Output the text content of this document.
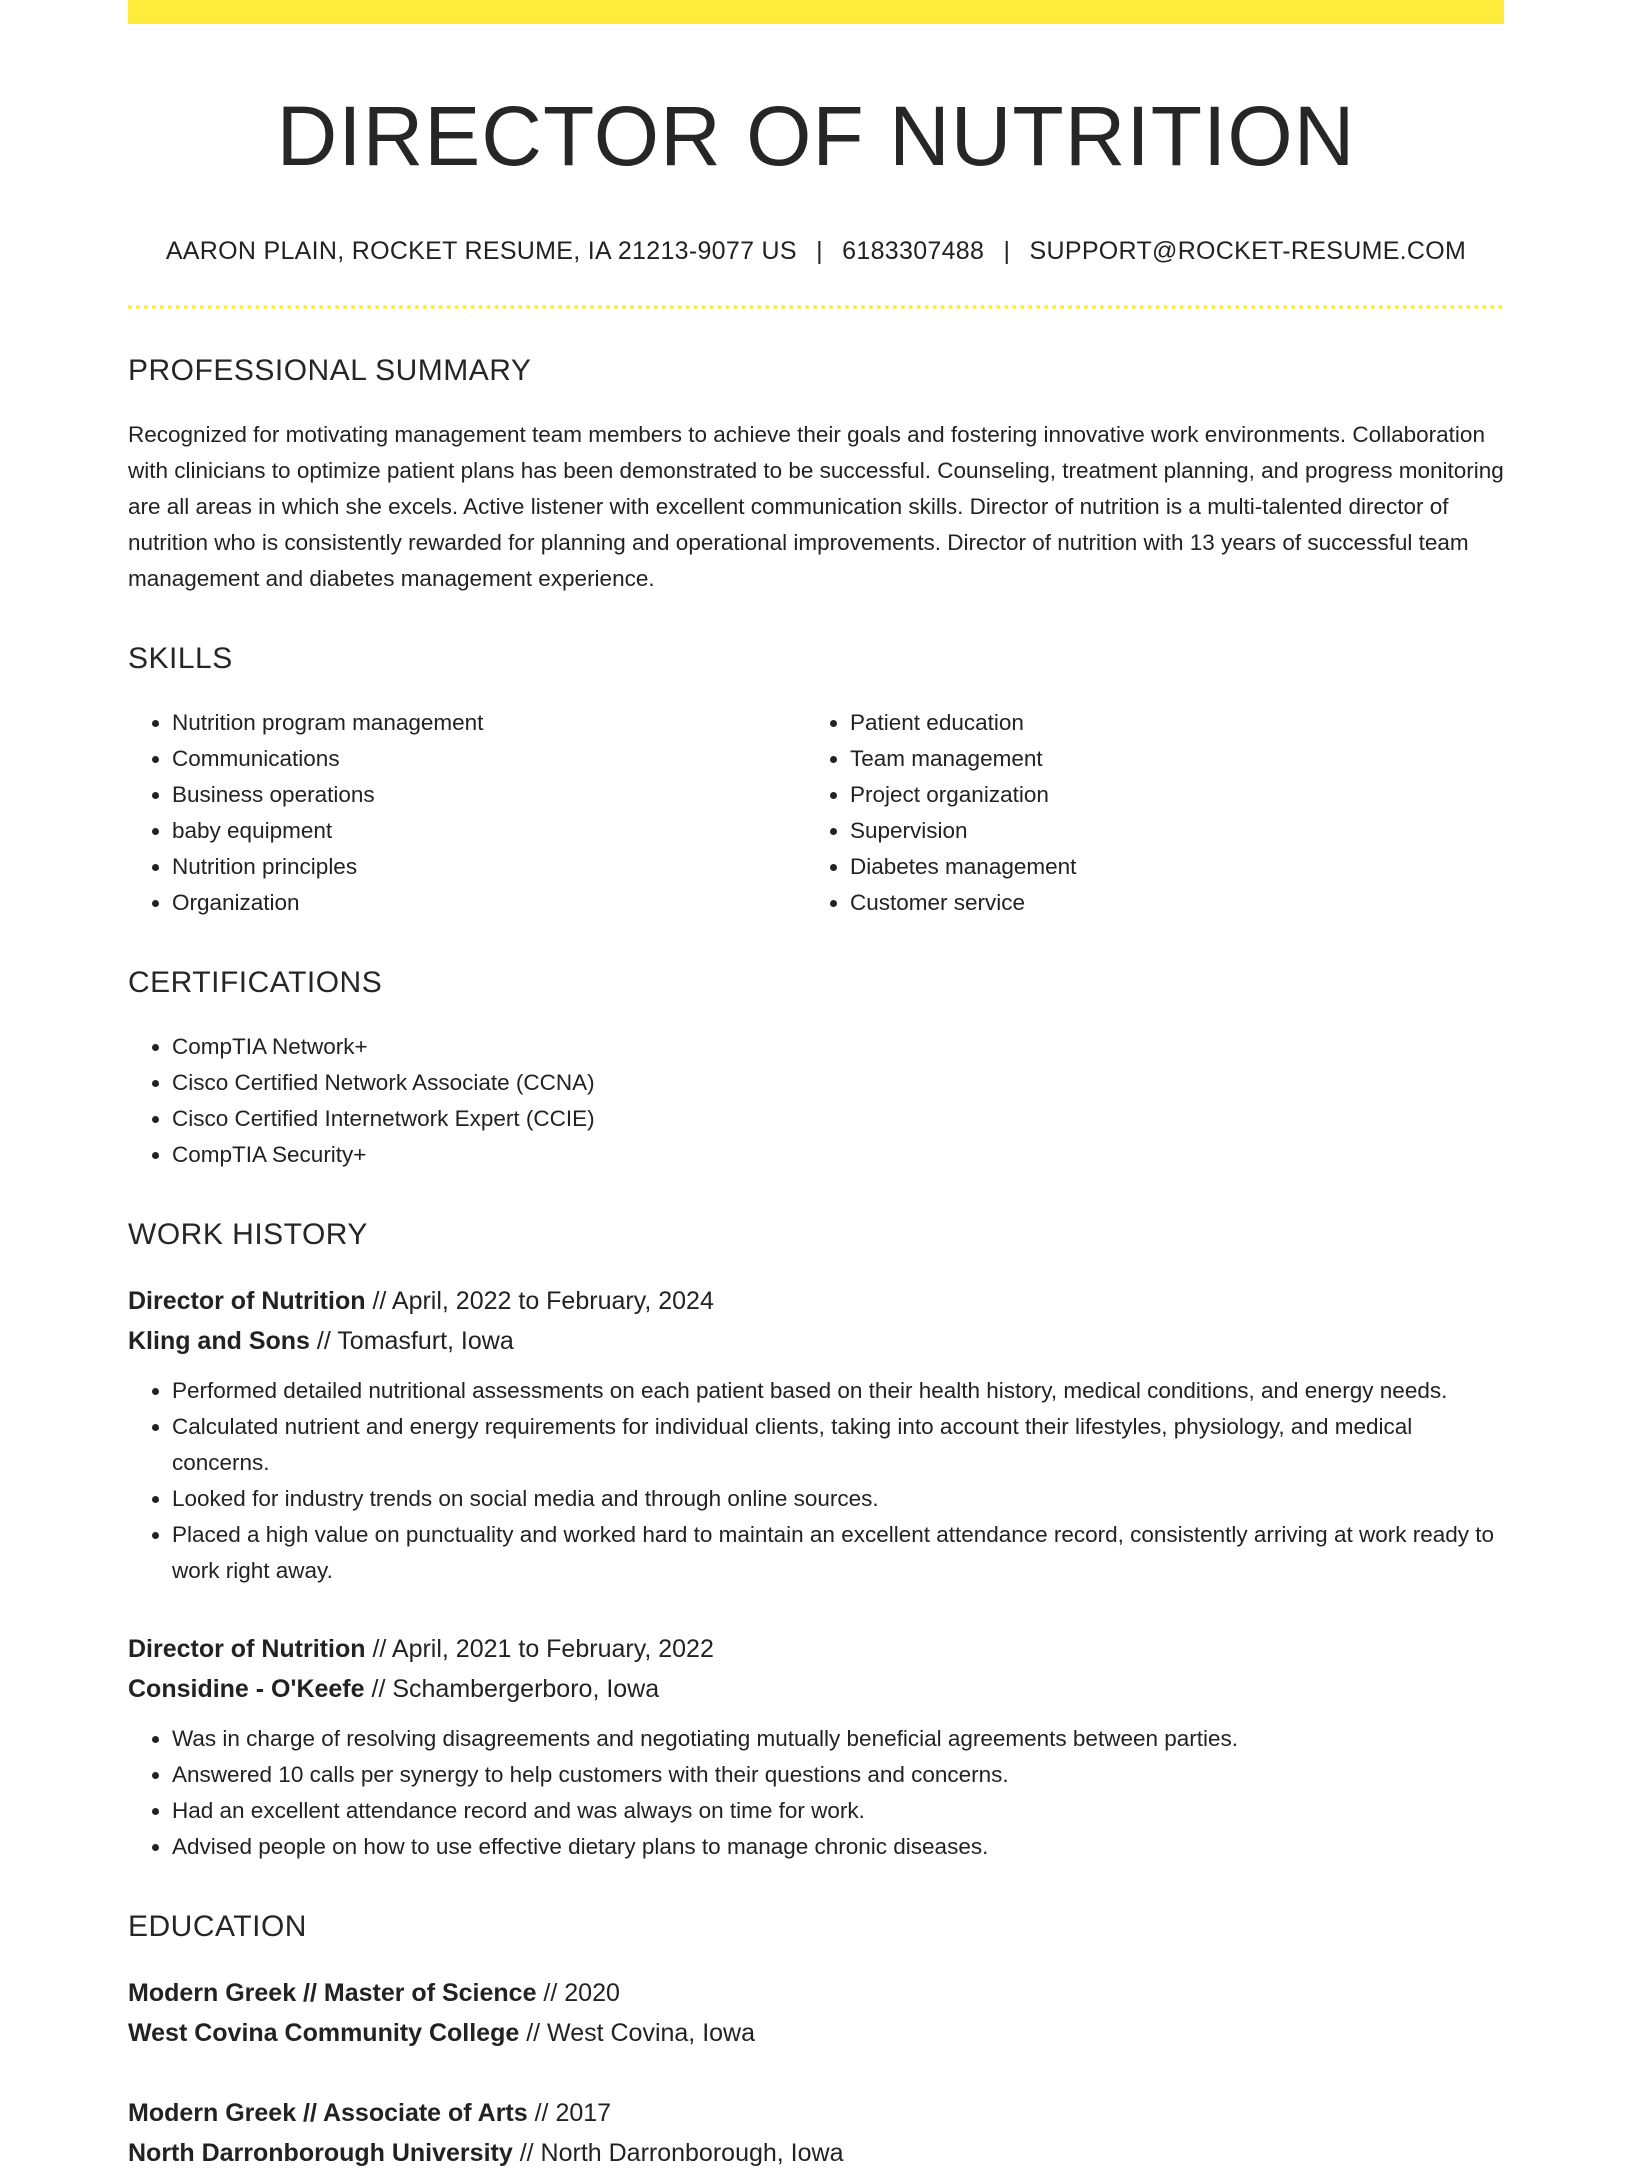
DIRECTOR OF NUTRITION
AARON PLAIN, ROCKET RESUME, IA 21213-9077 US | 6183307488 | SUPPORT@ROCKET-RESUME.COM
PROFESSIONAL SUMMARY

Recognized for motivating management team members to achieve their goals and fostering innovative work environments. Collaboration with clinicians to optimize patient plans has been demonstrated to be successful. Counseling, treatment planning, and progress monitoring are all areas in which she excels. Active listener with excellent communication skills. Director of nutrition is a multi-talented director of nutrition who is consistently rewarded for planning and operational improvements. Director of nutrition with 13 years of successful team management and diabetes management experience.

SKILLS
• Nutrition program management
• Communications
• Business operations
• baby equipment
• Nutrition principles
• Organization
• Patient education
• Team management
• Project organization
• Supervision
• Diabetes management
• Customer service
CERTIFICATIONS
• CompTIA Network+
• Cisco Certified Network Associate (CCNA)
• Cisco Certified Internetwork Expert (CCIE)
• CompTIA Security+
WORK HISTORY
Director of Nutrition // April, 2022 to February, 2024
Kling and Sons // Tomasfurt, Iowa
• Performed detailed nutritional assessments on each patient based on their health history, medical conditions, and energy needs.
• Calculated nutrient and energy requirements for individual clients, taking into account their lifestyles, physiology, and medical concerns.
• Looked for industry trends on social media and through online sources.
• Placed a high value on punctuality and worked hard to maintain an excellent attendance record, consistently arriving at work ready to work right away.
Director of Nutrition // April, 2021 to February, 2022
Considine - O'Keefe // Schambergerboro, Iowa
• Was in charge of resolving disagreements and negotiating mutually beneficial agreements between parties.
• Answered 10 calls per synergy to help customers with their questions and concerns.
• Had an excellent attendance record and was always on time for work.
• Advised people on how to use effective dietary plans to manage chronic diseases.
EDUCATION
Modern Greek // Master of Science // 2020
West Covina Community College // West Covina, Iowa
Modern Greek // Associate of Arts // 2017
North Darronborough University // North Darronborough, Iowa
